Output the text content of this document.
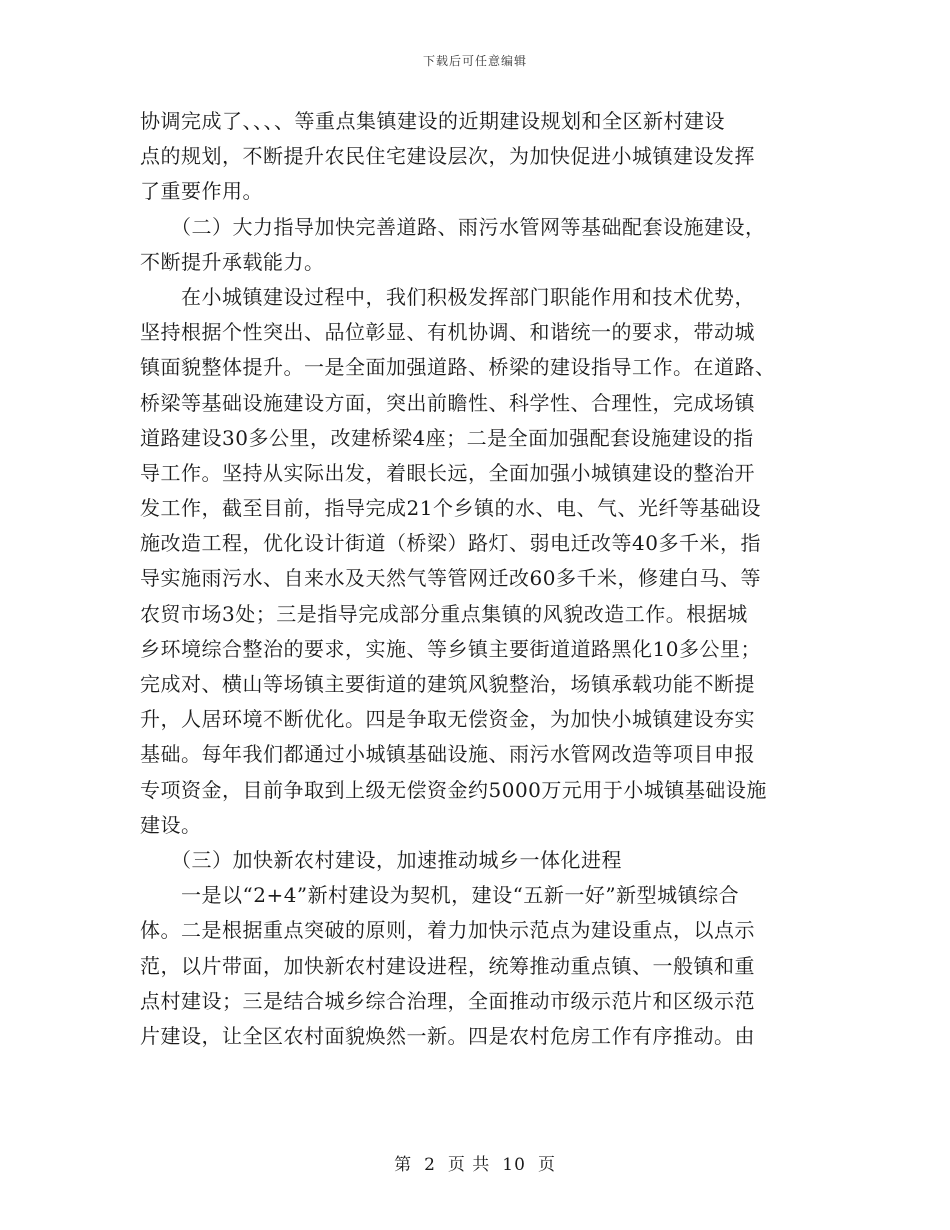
下载后可任意编辑
协调完成了、、、、等重点集镇建设的近期建设规划和全区新村建设
点的规划，不断提升农民住宅建设层次，为加快促进小城镇建设发挥
了重要作用。
　　（二）大力指导加快完善道路、雨污水管网等基础配套设施建设，
不断提升承载能力。
　　在小城镇建设过程中，我们积极发挥部门职能作用和技术优势，
坚持根据个性突出、品位彰显、有机协调、和谐统一的要求，带动城
镇面貌整体提升。一是全面加强道路、桥梁的建设指导工作。在道路、
桥梁等基础设施建设方面，突出前瞻性、科学性、合理性，完成场镇
道路建设30多公里，改建桥梁4座；二是全面加强配套设施建设的指
导工作。坚持从实际出发，着眼长远，全面加强小城镇建设的整治开
发工作，截至目前，指导完成21个乡镇的水、电、气、光纤等基础设
施改造工程，优化设计街道（桥梁）路灯、弱电迁改等40多千米，指
导实施雨污水、自来水及天然气等管网迁改60多千米，修建白马、等
农贸市场3处；三是指导完成部分重点集镇的风貌改造工作。根据城
乡环境综合整治的要求，实施、等乡镇主要街道道路黑化10多公里；
完成对、横山等场镇主要街道的建筑风貌整治，场镇承载功能不断提
升，人居环境不断优化。四是争取无偿资金，为加快小城镇建设夯实
基础。每年我们都通过小城镇基础设施、雨污水管网改造等项目申报
专项资金，目前争取到上级无偿资金约5000万元用于小城镇基础设施
建设。
　　（三）加快新农村建设，加速推动城乡一体化进程
　　一是以“2+4”新村建设为契机，建设“五新一好”新型城镇综合
体。二是根据重点突破的原则，着力加快示范点为建设重点，以点示
范，以片带面，加快新农村建设进程，统筹推动重点镇、一般镇和重
点村建设；三是结合城乡综合治理，全面推动市级示范片和区级示范
片建设，让全区农村面貌焕然一新。四是农村危房工作有序推动。由
第 2 页 共 10 页
